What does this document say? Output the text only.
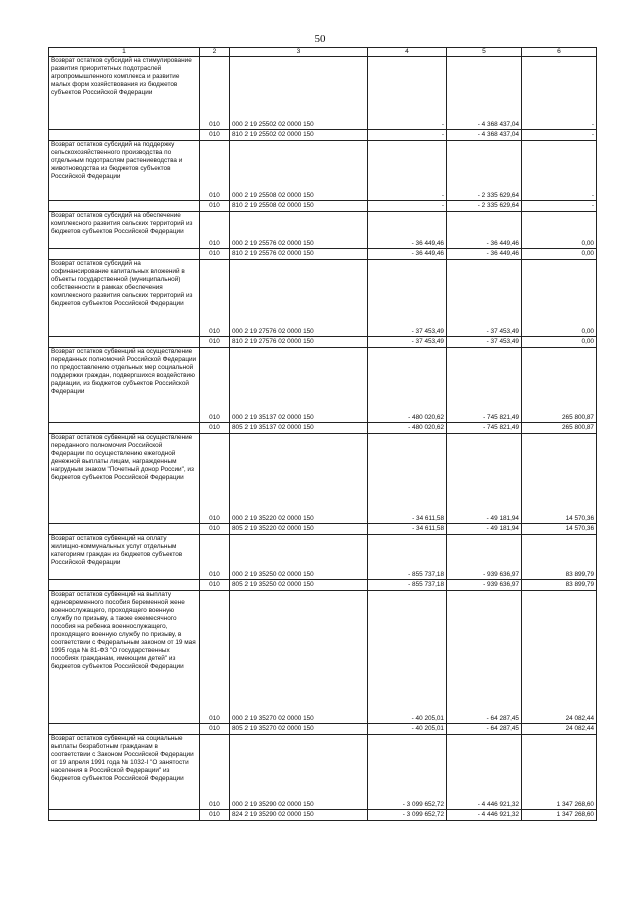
50
1	2	3	4	5	6
Возврат остатков субсидий на стимулирование развития приоритетных подотраслей агропромышленного комплекса и развитие малых форм хозяйствования из бюджетов субъектов Российской Федерации	010	000 2 19 25502 02 0000 150	-	- 4 368 437,04	-
	010	810 2 19 25502 02 0000 150	-	- 4 368 437,04	-
Возврат остатков субсидий на поддержку сельскохозяйственного производства по отдельным подотраслям растениеводства и животноводства из бюджетов субъектов Российской Федерации	010	000 2 19 25508 02 0000 150	-	- 2 335 629,64	-
	010	810 2 19 25508 02 0000 150	-	- 2 335 629,64	-
Возврат остатков субсидий на обеспечение комплексного развития сельских территорий из бюджетов субъектов Российской Федерации	010	000 2 19 25576 02 0000 150	- 36 449,46	- 36 449,46	0,00
	010	810 2 19 25576 02 0000 150	- 36 449,46	- 36 449,46	0,00
Возврат остатков субсидий на софинансирование капитальных вложений в объекты государственной (муниципальной) собственности в рамках обеспечения комплексного развития сельских территорий из бюджетов субъектов Российской Федерации	010	000 2 19 27576 02 0000 150	- 37 453,49	- 37 453,49	0,00
	010	810 2 19 27576 02 0000 150	- 37 453,49	- 37 453,49	0,00
Возврат остатков субвенций на осуществление переданных полномочий Российской Федерации по предоставлению отдельных мер социальной поддержки граждан, подвергшихся воздействию радиации, из бюджетов субъектов Российской Федерации	010	000 2 19 35137 02 0000 150	- 480 020,62	- 745 821,49	265 800,87
	010	805 2 19 35137 02 0000 150	- 480 020,62	- 745 821,49	265 800,87
Возврат остатков субвенций на осуществление переданного полномочия Российской Федерации по осуществлению ежегодной денежной выплаты лицам, награжденным нагрудным знаком "Почетный донор России", из бюджетов субъектов Российской Федерации	010	000 2 19 35220 02 0000 150	- 34 611,58	- 49 181,94	14 570,36
	010	805 2 19 35220 02 0000 150	- 34 611,58	- 49 181,94	14 570,36
Возврат остатков субвенций на оплату жилищно-коммунальных услуг отдельным категориям граждан из бюджетов субъектов Российской Федерации	010	000 2 19 35250 02 0000 150	- 855 737,18	- 939 636,97	83 899,79
	010	805 2 19 35250 02 0000 150	- 855 737,18	- 939 636,97	83 899,79
Возврат остатков субвенций на выплату единовременного пособия беременной жене военнослужащего, проходящего военную службу по призыву, а также ежемесячного пособия на ребенка военнослужащего, проходящего военную службу по призыву, в соответствии с Федеральным законом от 19 мая 1995 года № 81-ФЗ "О государственных пособиях гражданам, имеющим детей" из бюджетов субъектов Российской Федерации	010	000 2 19 35270 02 0000 150	- 40 205,01	- 64 287,45	24 082,44
	010	805 2 19 35270 02 0000 150	- 40 205,01	- 64 287,45	24 082,44
Возврат остатков субвенций на социальные выплаты безработным гражданам в соответствии с Законом Российской Федерации от 19 апреля 1991 года № 1032-I "О занятости населения в Российской Федерации" из бюджетов субъектов Российской Федерации	010	000 2 19 35290 02 0000 150	- 3 099 652,72	- 4 446 921,32	1 347 268,60
	010	824 2 19 35290 02 0000 150	- 3 099 652,72	- 4 446 921,32	1 347 268,60
